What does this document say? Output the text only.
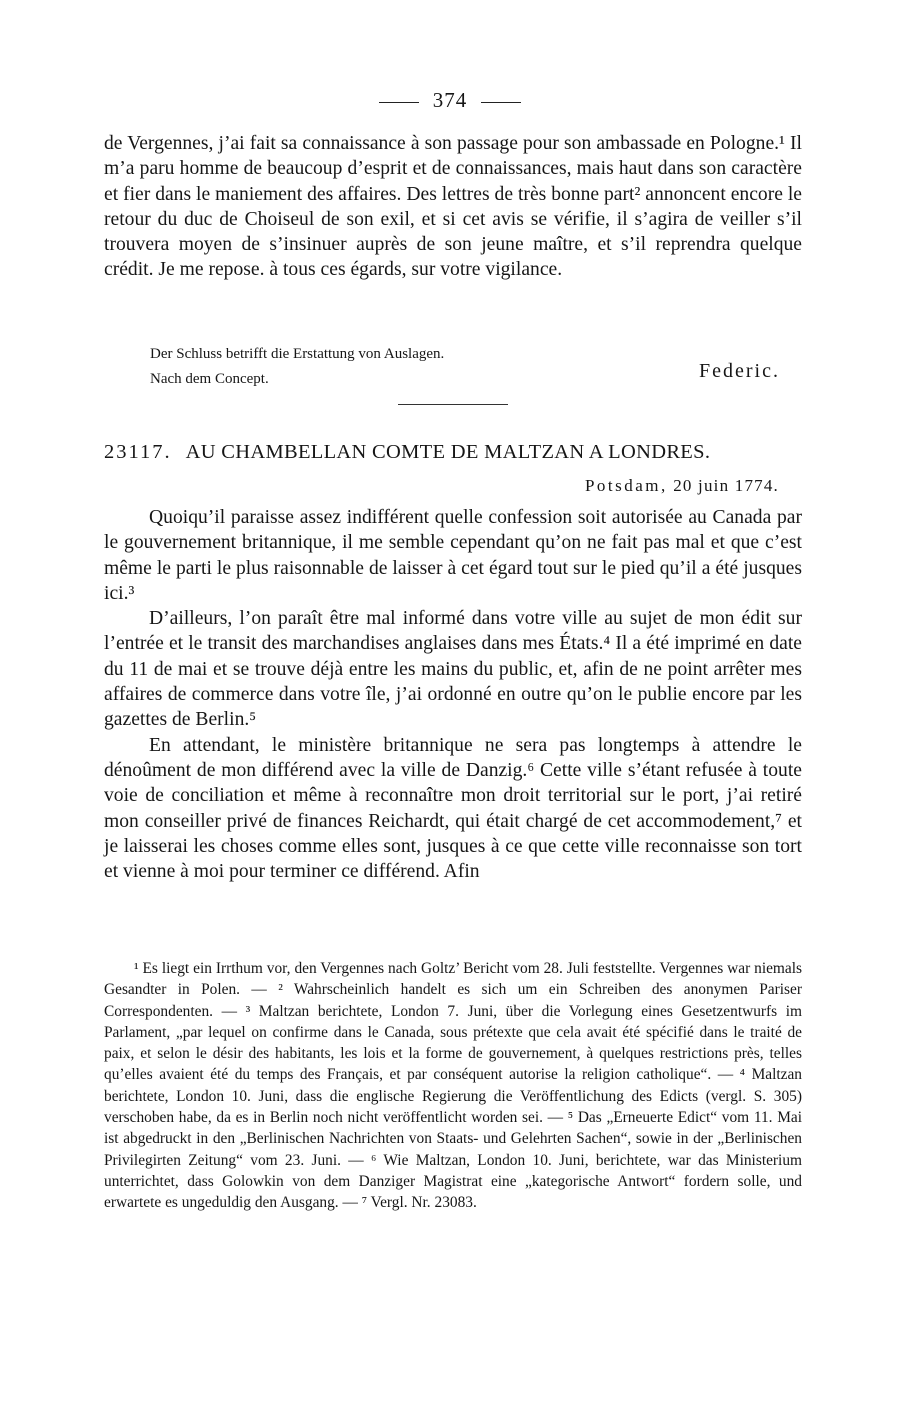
374

de Vergennes, j’ai fait sa connaissance à son passage pour son ambassade en Pologne.¹ Il m’a paru homme de beaucoup d’esprit et de connaissances, mais haut dans son caractère et fier dans le maniement des affaires. Des lettres de très bonne part² annoncent encore le retour du duc de Choiseul de son exil, et si cet avis se vérifie, il s’agira de veiller s’il trouvera moyen de s’insinuer auprès de son jeune maître, et s’il reprendra quelque crédit. Je me repose. à tous ces égards, sur votre vigilance.

Der Schluss betrifft die Erstattung von Auslagen.
Nach dem Concept.	Federic.
23117. AU CHAMBELLAN COMTE DE MALTZAN A LONDRES.
Potsdam, 20 juin 1774.

Quoiqu’il paraisse assez indifférent quelle confession soit autorisée au Canada par le gouvernement britannique, il me semble cependant qu’on ne fait pas mal et que c’est même le parti le plus raisonnable de laisser à cet égard tout sur le pied qu’il a été jusques ici.³

D’ailleurs, l’on paraît être mal informé dans votre ville au sujet de mon édit sur l’entrée et le transit des marchandises anglaises dans mes États.⁴ Il a été imprimé en date du 11 de mai et se trouve déjà entre les mains du public, et, afin de ne point arrêter mes affaires de commerce dans votre île, j’ai ordonné en outre qu’on le publie encore par les gazettes de Berlin.⁵

En attendant, le ministère britannique ne sera pas longtemps à attendre le dénoûment de mon différend avec la ville de Danzig.⁶ Cette ville s’étant refusée à toute voie de conciliation et même à reconnaître mon droit territorial sur le port, j’ai retiré mon conseiller privé de finances Reichardt, qui était chargé de cet accommodement,⁷ et je laisserai les choses comme elles sont, jusques à ce que cette ville reconnaisse son tort et vienne à moi pour terminer ce différend. Afin

¹ Es liegt ein Irrthum vor, den Vergennes nach Goltz’ Bericht vom 28. Juli feststellte. Vergennes war niemals Gesandter in Polen. — ² Wahrscheinlich handelt es sich um ein Schreiben des anonymen Pariser Correspondenten. — ³ Maltzan berichtete, London 7. Juni, über die Vorlegung eines Gesetzentwurfs im Parlament, „par lequel on confirme dans le Canada, sous prétexte que cela avait été spécifié dans le traité de paix, et selon le désir des habitants, les lois et la forme de gouvernement, à quelques restrictions près, telles qu’elles avaient été du temps des Français, et par conséquent autorise la religion catholique“. — ⁴ Maltzan berichtete, London 10. Juni, dass die englische Regierung die Veröffentlichung des Edicts (vergl. S. 305) verschoben habe, da es in Berlin noch nicht veröffentlicht worden sei. — ⁵ Das „Erneuerte Edict“ vom 11. Mai ist abgedruckt in den „Berlinischen Nachrichten von Staats- und Gelehrten Sachen“, sowie in der „Berlinischen Privilegirten Zeitung“ vom 23. Juni. — ⁶ Wie Maltzan, London 10. Juni, berichtete, war das Ministerium unterrichtet, dass Golowkin von dem Danziger Magistrat eine „kategorische Antwort“ fordern solle, und erwartete es ungeduldig den Ausgang. — ⁷ Vergl. Nr. 23083.
